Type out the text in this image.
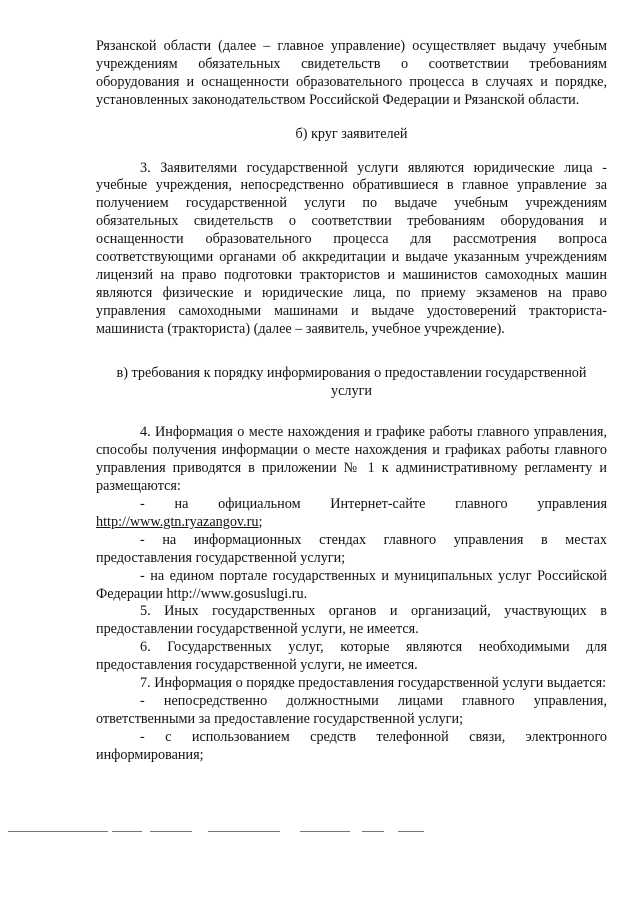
Рязанской области (далее – главное управление) осуществляет выдачу учебным учреждениям обязательных свидетельств о соответствии требованиям оборудования и оснащенности образовательного процесса в случаях и порядке, установленных законодательством Российской Федерации и Рязанской области.

б) круг заявителей

3. Заявителями государственной услуги являются юридические лица - учебные учреждения, непосредственно обратившиеся в главное управление за получением государственной услуги по выдаче учебным учреждениям обязательных свидетельств о соответствии требованиям оборудования и оснащенности образовательного процесса для рассмотрения вопроса соответствующими органами об аккредитации и выдаче указанным учреждениям лицензий на право подготовки трактористов и машинистов самоходных машин являются физические и юридические лица, по приему экзаменов на право управления самоходными машинами и выдаче удостоверений тракториста-машиниста (тракториста) (далее – заявитель, учебное учреждение).

в) требования к порядку информирования о предоставлении государственной услуги

4. Информация о месте нахождения и графике работы главного управления, способы получения информации о месте нахождения и графиках работы главного управления приводятся в приложении № 1 к административному регламенту и размещаются:

- на официальном Интернет-сайте главного управления http://www.gtn.ryazangov.ru;

- на информационных стендах главного управления в местах предоставления государственной услуги;

- на едином портале государственных и муниципальных услуг Российской Федерации http://www.gosuslugi.ru.

5. Иных государственных органов и организаций, участвующих в предоставлении государственной услуги, не имеется.

6. Государственных услуг, которые являются необходимыми для предоставления государственной услуги, не имеется.

7. Информация о порядке предоставления государственной услуги выдается:

- непосредственно должностными лицами главного управления, ответственными за предоставление государственной услуги;

- с использованием средств телефонной связи, электронного информирования;
